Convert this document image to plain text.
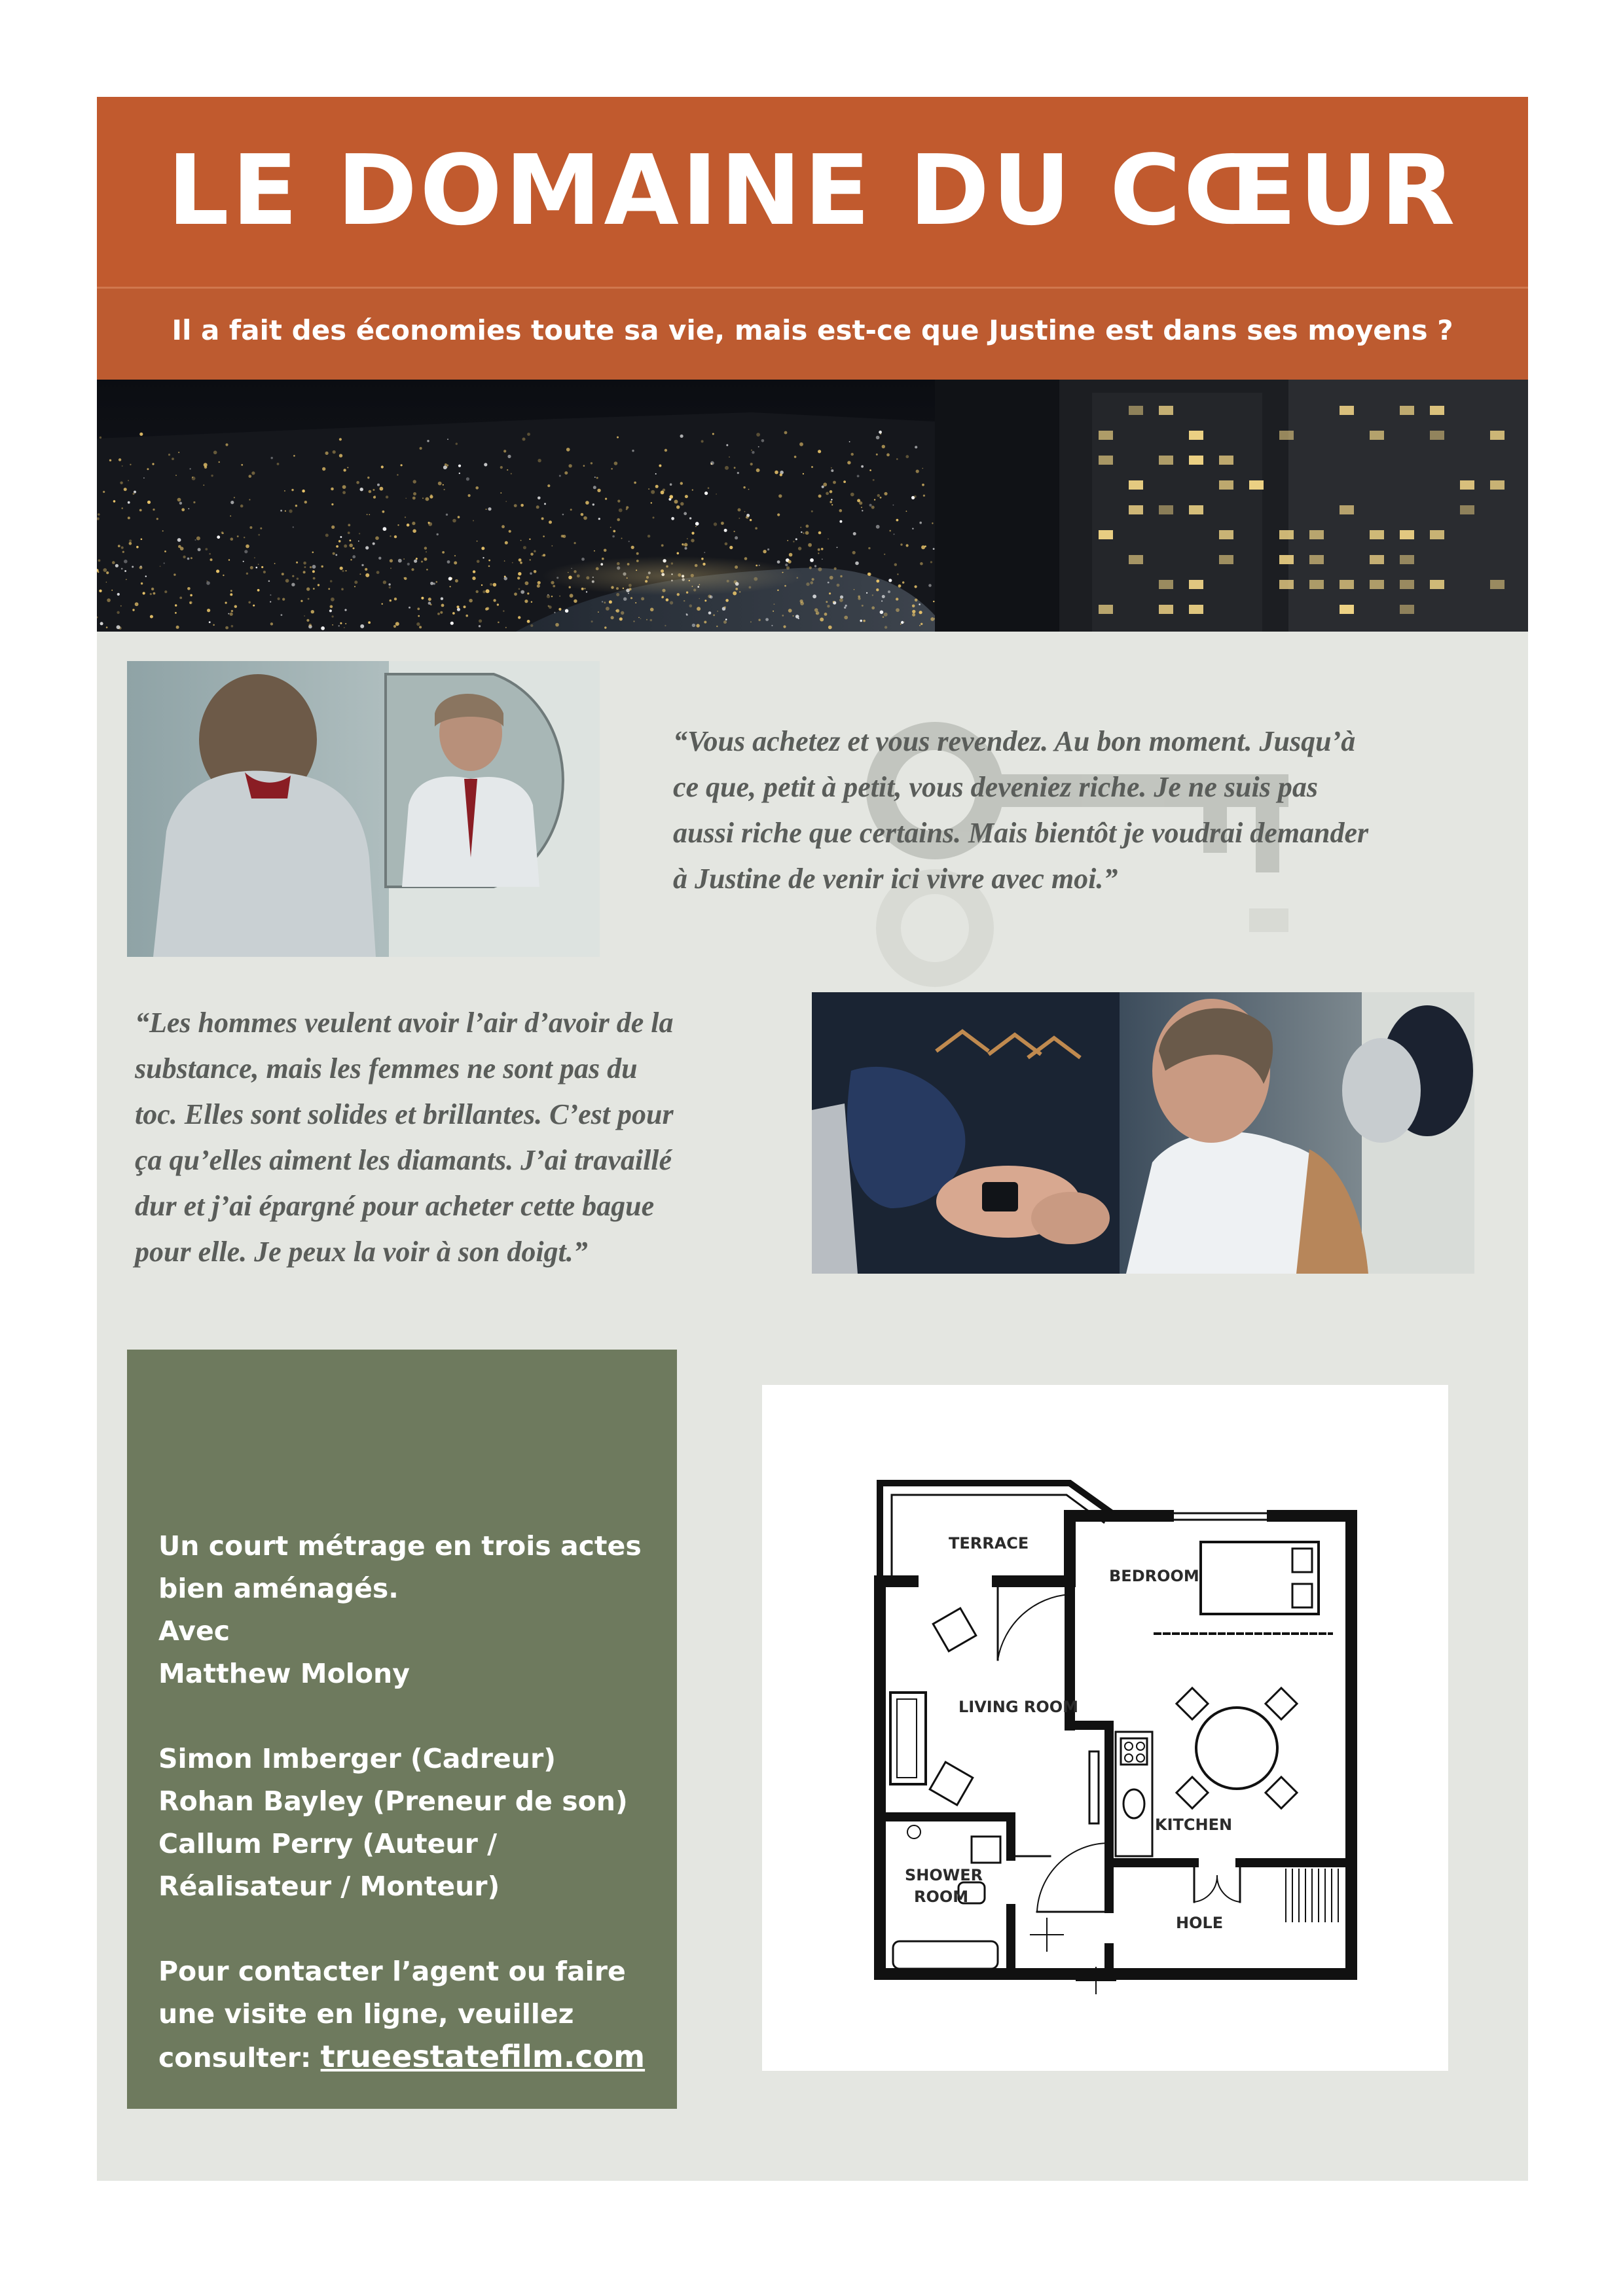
LE DOMAINE DU CŒUR
Il a fait des économies toute sa vie, mais est-ce que Justine est dans ses moyens ?
“Vous achetez et vous revendez. Au bon moment. Jusqu’à
ce que, petit à petit, vous deveniez riche. Je ne suis pas
aussi riche que certains. Mais bientôt je voudrai demander
à Justine de venir ici vivre avec moi.”
“Les hommes veulent avoir l’air d’avoir de la
substance, mais les femmes ne sont pas du
toc. Elles sont solides et brillantes. C’est pour
ça qu’elles aiment les diamants. J’ai travaillé
dur et j’ai épargné pour acheter cette bague
pour elle. Je peux la voir à son doigt.”

Un court métrage en trois actes

bien aménagés.

Avec

Matthew Molony

Simon Imberger (Cadreur)

Rohan Bayley (Preneur de son)

Callum Perry (Auteur /

Réalisateur / Monteur)

Pour contacter l’agent ou faire

une visite en ligne, veuillez

consulter: trueestatefilm.com

TERRACE
BEDROOM
LIVING ROOM
KITCHEN
SHOWER
ROOM
HOLE
